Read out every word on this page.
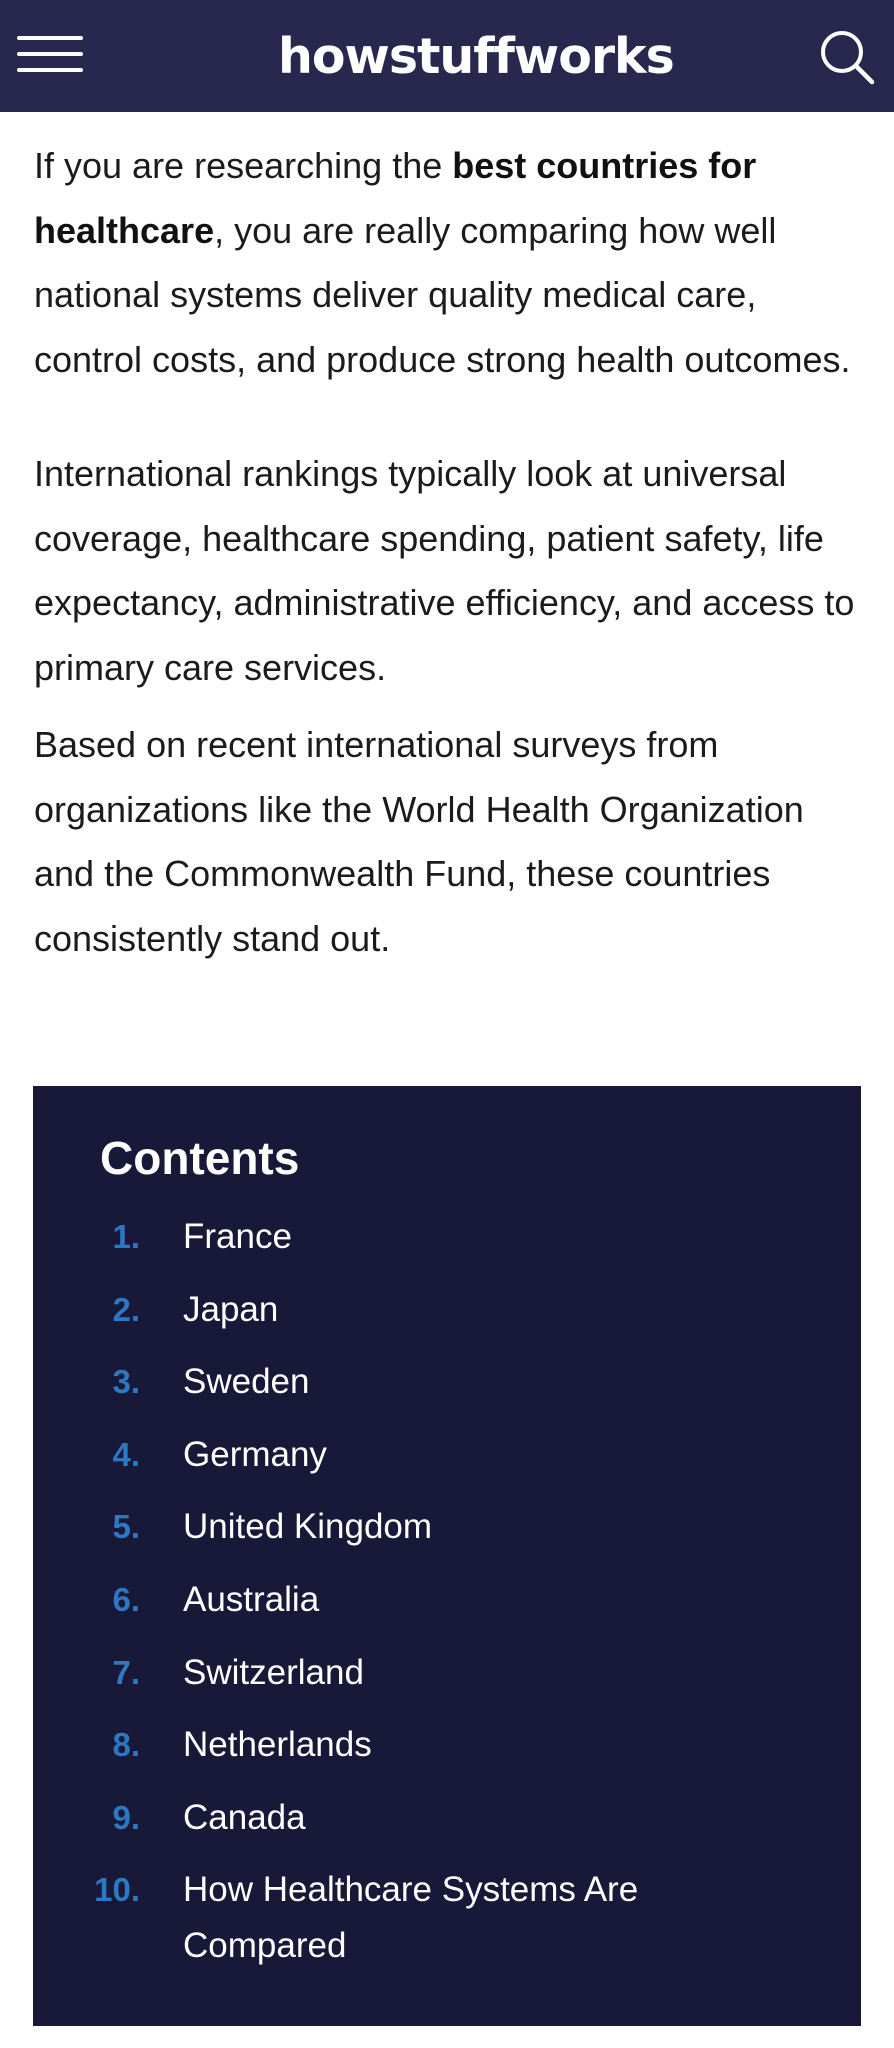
howstuffworks

If you are researching the best countries for healthcare, you are really comparing how well national systems deliver quality medical care, control costs, and produce strong health outcomes.

International rankings typically look at universal coverage, healthcare spending, patient safety, life expectancy, administrative efficiency, and access to primary care services.

Based on recent international surveys from organizations like the World Health Organization and the Commonwealth Fund, these countries consistently stand out.

Contents
1. France
2. Japan
3. Sweden
4. Germany
5. United Kingdom
6. Australia
7. Switzerland
8. Netherlands
9. Canada
10. How Healthcare Systems Are Compared
